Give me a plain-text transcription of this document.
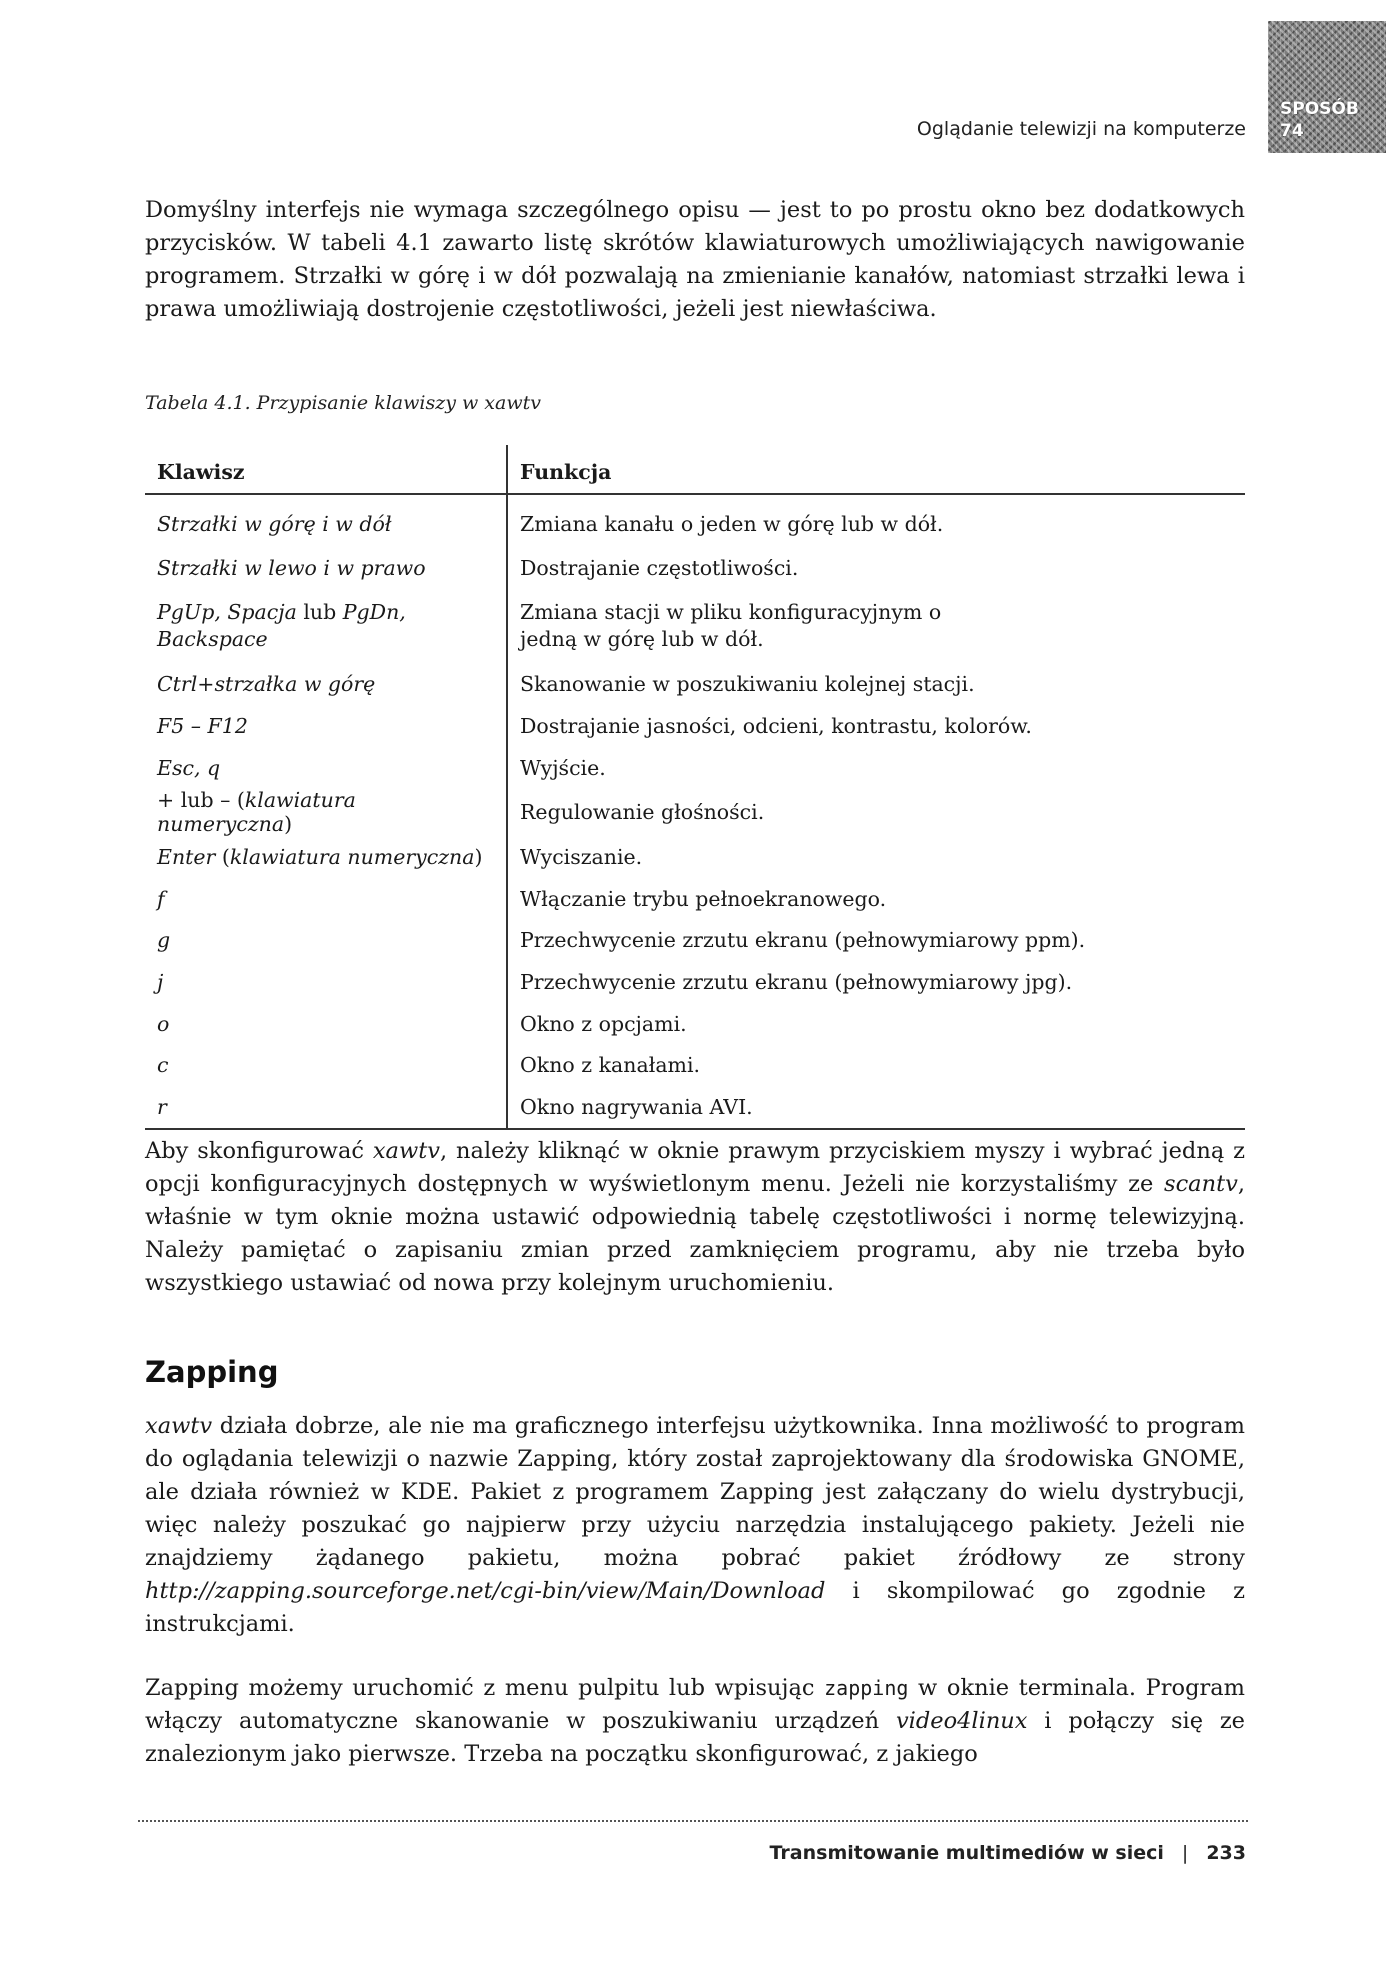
Oglądanie telewizji na komputerze
SPOSÓB
74

Domyślny interfejs nie wymaga szczególnego opisu — jest to po prostu okno bez dodatkowych przycisków. W tabeli 4.1 zawarto listę skrótów klawiaturowych umożliwiających nawigowanie programem. Strzałki w górę i w dół pozwalają na zmienianie kanałów, natomiast strzałki lewa i prawa umożliwiają dostrojenie częstotliwości, jeżeli jest niewłaściwa.

Tabela 4.1. Przypisanie klawiszy w xawtv

Klawisz	Funkcja
Strzałki w górę i w dół	Zmiana kanału o jeden w górę lub w dół.
Strzałki w lewo i w prawo	Dostrajanie częstotliwości.
PgUp, Spacja lub PgDn,
Backspace	Zmiana stacji w pliku konfiguracyjnym o jedną w górę lub w dół.
Ctrl+strzałka w górę	Skanowanie w poszukiwaniu kolejnej stacji.
F5 – F12	Dostrajanie jasności, odcieni, kontrastu, kolorów.
Esc, q	Wyjście.
+ lub – (klawiatura numeryczna)	Regulowanie głośności.
Enter (klawiatura numeryczna)	Wyciszanie.
f	Włączanie trybu pełnoekranowego.
g	Przechwycenie zrzutu ekranu (pełnowymiarowy ppm).
j	Przechwycenie zrzutu ekranu (pełnowymiarowy jpg).
o	Okno z opcjami.
c	Okno z kanałami.
r	Okno nagrywania AVI.

Aby skonfigurować xawtv, należy kliknąć w oknie prawym przyciskiem myszy i wybrać jedną z opcji konfiguracyjnych dostępnych w wyświetlonym menu. Jeżeli nie korzystaliśmy ze scantv, właśnie w tym oknie można ustawić odpowiednią tabelę częstotliwości i normę telewizyjną. Należy pamiętać o zapisaniu zmian przed zamknięciem programu, aby nie trzeba było wszystkiego ustawiać od nowa przy kolejnym uruchomieniu.

Zapping

xawtv działa dobrze, ale nie ma graficznego interfejsu użytkownika. Inna możliwość to program do oglądania telewizji o nazwie Zapping, który został zaprojektowany dla środowiska GNOME, ale działa również w KDE. Pakiet z programem Zapping jest załączany do wielu dystrybucji, więc należy poszukać go najpierw przy użyciu narzędzia instalującego pakiety. Jeżeli nie znajdziemy żądanego pakietu, można pobrać pakiet źródłowy ze strony http://zapping.sourceforge.net/cgi-bin/view/Main/Download i skompilować go zgodnie z instrukcjami.

Zapping możemy uruchomić z menu pulpitu lub wpisując zapping w oknie terminala. Program włączy automatyczne skanowanie w poszukiwaniu urządzeń video4linux i połączy się ze znalezionym jako pierwsze. Trzeba na początku skonfigurować, z jakiego

Transmitowanie multimediów w sieci | 233
